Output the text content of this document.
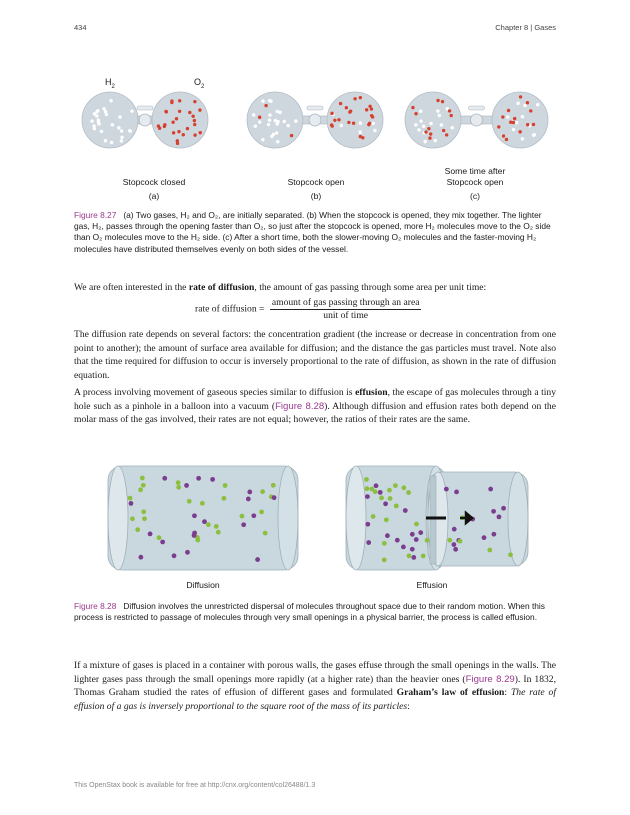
434	Chapter 8 | Gases
$H_2$	$O_2$
Stopcock closed
(a)
Stopcock open
(b)
Some time after
Stopcock open
(c)

Figure 8.27 (a) Two gases, H₂ and O₂, are initially separated. (b) When the stopcock is opened, they mix together. The lighter gas, H₂, passes through the opening faster than O₂, so just after the stopcock is opened, more H₂ molecules move to the O₂ side than O₂ molecules move to the H₂ side. (c) After a short time, both the slower-moving O₂ molecules and the faster-moving H₂ molecules have distributed themselves evenly on both sides of the vessel.

We are often interested in the rate of diffusion, the amount of gas passing through some area per unit time:

rate of diffusion = $\frac{\text{amount of gas passing through an area}}{\text{unit of time}}$

The diffusion rate depends on several factors: the concentration gradient (the increase or decrease in concentration from one point to another); the amount of surface area available for diffusion; and the distance the gas particles must travel. Note also that the time required for diffusion to occur is inversely proportional to the rate of diffusion, as shown in the rate of diffusion equation.

A process involving movement of gaseous species similar to diffusion is effusion, the escape of gas molecules through a tiny hole such as a pinhole in a balloon into a vacuum (Figure 8.28). Although diffusion and effusion rates both depend on the molar mass of the gas involved, their rates are not equal; however, the ratios of their rates are the same.

Diffusion	Effusion

Figure 8.28 Diffusion involves the unrestricted dispersal of molecules throughout space due to their random motion. When this process is restricted to passage of molecules through very small openings in a physical barrier, the process is called effusion.

If a mixture of gases is placed in a container with porous walls, the gases effuse through the small openings in the walls. The lighter gases pass through the small openings more rapidly (at a higher rate) than the heavier ones (Figure 8.29). In 1832, Thomas Graham studied the rates of effusion of different gases and formulated Graham’s law of effusion: The rate of effusion of a gas is inversely proportional to the square root of the mass of its particles:

This OpenStax book is available for free at http://cnx.org/content/col26488/1.3
